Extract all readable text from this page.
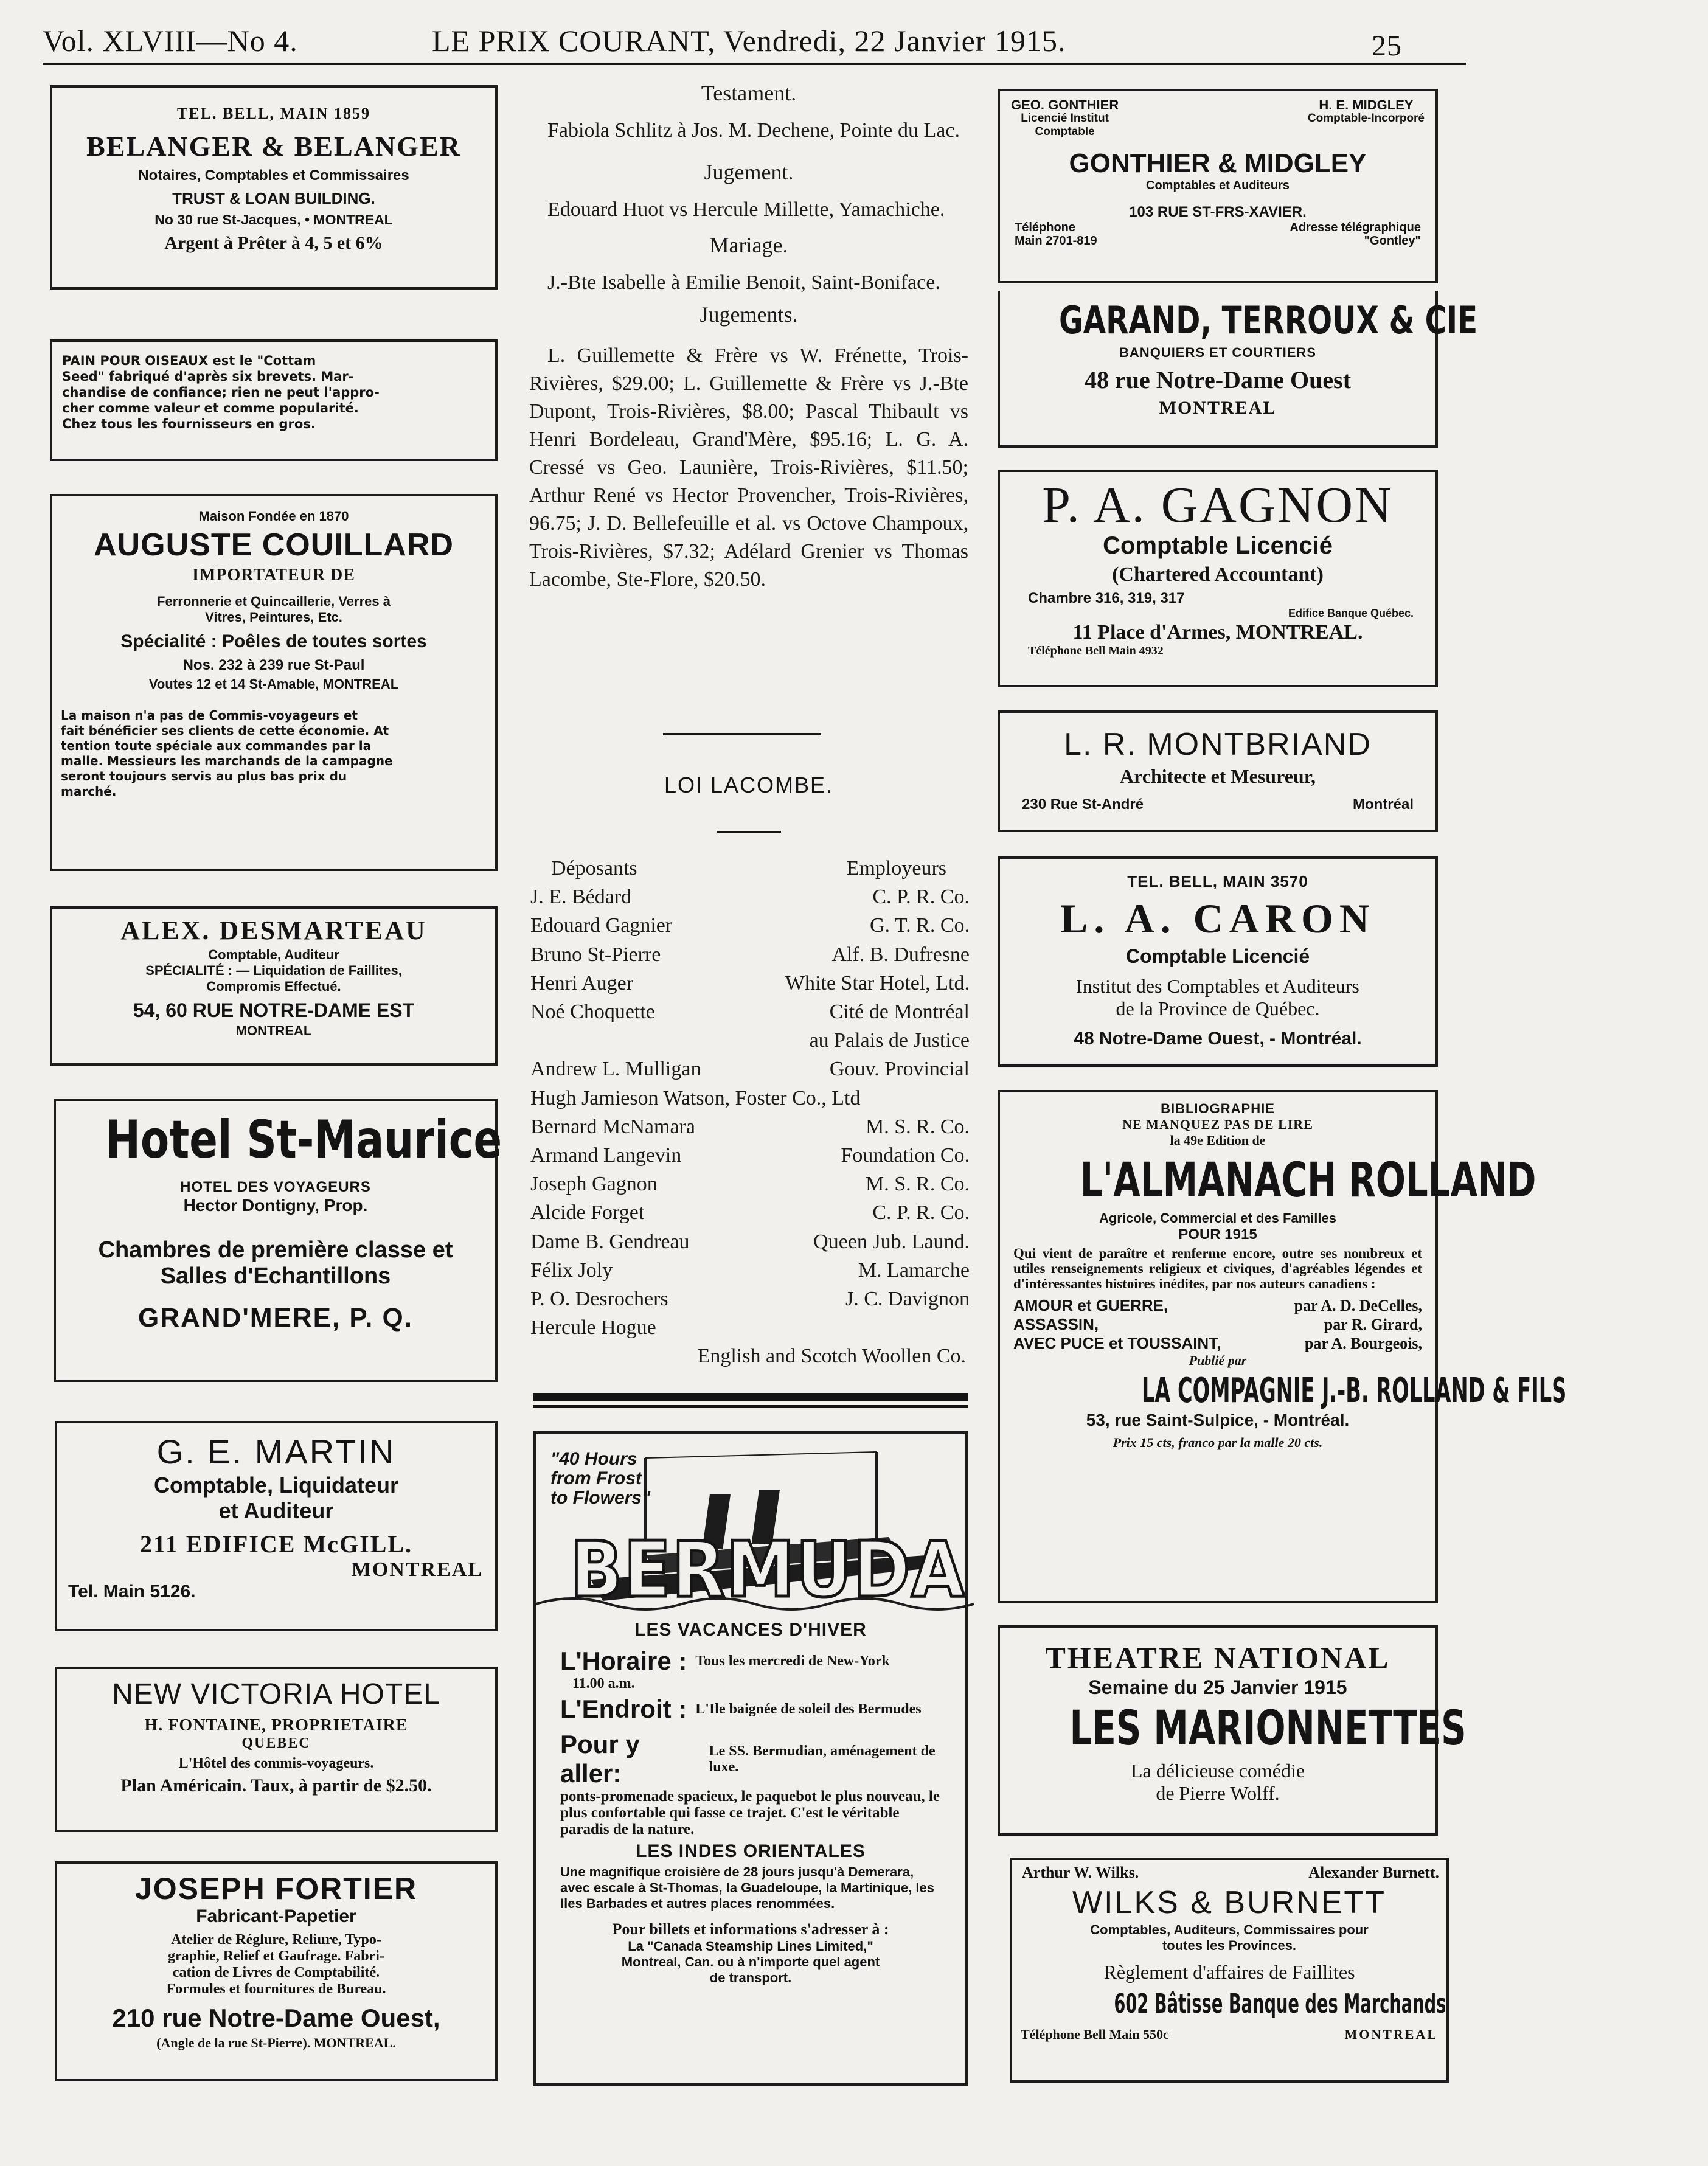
Vol. XLVIII—No 4.	LE PRIX COURANT, Vendredi, 22 Janvier 1915.	25
TEL. BELL, MAIN 1859
BELANGER & BELANGER
Notaires, Comptables et Commissaires
TRUST & LOAN BUILDING.
No 30 rue St-Jacques, • MONTREAL
Argent à Prêter à 4, 5 et 6%
PAIN POUR OISEAUX est le "Cottam
Seed" fabriqué d'après six brevets. Mar-
chandise de confiance; rien ne peut l'appro-
cher comme valeur et comme popularité.
Chez tous les fournisseurs en gros.
Maison Fondée en 1870
AUGUSTE COUILLARD
IMPORTATEUR DE
Ferronnerie et Quincaillerie, Verres à
Vitres, Peintures, Etc.
Spécialité : Poêles de toutes sortes
Nos. 232 à 239 rue St-Paul
Voutes 12 et 14 St-Amable, MONTREAL
La maison n'a pas de Commis-voyageurs et
fait bénéficier ses clients de cette économie. At
tention toute spéciale aux commandes par la
malle. Messieurs les marchands de la campagne
seront toujours servis au plus bas prix du
marché.
ALEX. DESMARTEAU
Comptable, Auditeur
SPÉCIALITÉ : — Liquidation de Faillites,
Compromis Effectué.
54, 60 RUE NOTRE-DAME EST
MONTREAL
Hotel St-Maurice
HOTEL DES VOYAGEURS
Hector Dontigny, Prop.
Chambres de première classe et
Salles d'Echantillons
GRAND'MERE, P. Q.
G. E. MARTIN
Comptable, Liquidateur
et Auditeur
211 EDIFICE McGILL.
MONTREAL
Tel. Main 5126.
NEW VICTORIA HOTEL
H. FONTAINE, PROPRIETAIRE
QUEBEC
L'Hôtel des commis-voyageurs.
Plan Américain. Taux, à partir de $2.50.
JOSEPH FORTIER
Fabricant-Papetier
Atelier de Réglure, Reliure, Typo-
graphie, Relief et Gaufrage. Fabri-
cation de Livres de Comptabilité.
Formules et fournitures de Bureau.
210 rue Notre-Dame Ouest,
(Angle de la rue St-Pierre). MONTREAL.
Testament.
Fabiola Schlitz à Jos. M. Dechene, Pointe du Lac.
Jugement.
Edouard Huot vs Hercule Millette, Yamachiche.
Mariage.
J.-Bte Isabelle à Emilie Benoit, Saint-Boniface.
Jugements.
L. Guillemette & Frère vs W. Frénette, Trois-Rivières, $29.00; L. Guillemette & Frère vs J.-Bte Dupont, Trois-Rivières, $8.00; Pascal Thibault vs Henri Bordeleau, Grand'Mère, $95.16; L. G. A. Cressé vs Geo. Launière, Trois-Rivières, $11.50; Arthur René vs Hector Provencher, Trois-Rivières, 96.75; J. D. Bellefeuille et al. vs Octove Champoux, Trois-Rivières, $7.32; Adélard Grenier vs Thomas Lacombe, Ste-Flore, $20.50.
LOI LACOMBE.
Déposants	Employeurs
J. E. Bédard	C. P. R. Co.
Edouard Gagnier	G. T. R. Co.
Bruno St-Pierre	Alf. B. Dufresne
Henri Auger	White Star Hotel, Ltd.
Noé Choquette	Cité de Montréal
au Palais de Justice
Andrew L. Mulligan	Gouv. Provincial
Hugh Jamieson Watson, Foster Co., Ltd
Bernard McNamara	M. S. R. Co.
Armand Langevin	Foundation Co.
Joseph Gagnon	M. S. R. Co.
Alcide Forget	C. P. R. Co.
Dame B. Gendreau	Queen Jub. Laund.
Félix Joly	M. Lamarche
P. O. Desrochers	J. C. Davignon
Hercule Hogue
English and Scotch Woollen Co.
"40 Hours
from Frost
to Flowers"
BERMUDA
LES VACANCES D'HIVER
L'Horaire : Tous les mercredi de New-York
11.00 a.m.
L'Endroit : L'Ile baignée de soleil des Bermudes
Pour y aller:
Le SS. Bermudian, aménagement de luxe.
ponts-promenade spacieux, le paquebot le plus nouveau, le plus confortable qui fasse ce trajet. C'est le véritable paradis de la nature.
LES INDES ORIENTALES
Une magnifique croisière de 28 jours jusqu'à Demerara, avec escale à St-Thomas, la Guadeloupe, la Martinique, les Iles Barbades et autres places renommées.
Pour billets et informations s'adresser à :
La "Canada Steamship Lines Limited,"
Montreal, Can. ou à n'importe quel agent
de transport.
GEO. GONTHIER
Licencié Institut
Comptable
H. E. MIDGLEY
Comptable-Incorporé
GONTHIER & MIDGLEY
Comptables et Auditeurs
103 RUE ST-FRS-XAVIER.
Téléphone
Main 2701-819
Adresse télégraphique
"Gontley"
GARAND, TERROUX & CIE
BANQUIERS ET COURTIERS
48 rue Notre-Dame Ouest
MONTREAL
P. A. GAGNON
Comptable Licencié
(Chartered Accountant)
Chambre 316, 319, 317
Edifice Banque Québec.
11 Place d'Armes, MONTREAL.
Téléphone Bell Main 4932
L. R. MONTBRIAND
Architecte et Mesureur,
230 Rue St-André	Montréal
TEL. BELL, MAIN 3570
L. A. CARON
Comptable Licencié
Institut des Comptables et Auditeurs
de la Province de Québec.
48 Notre-Dame Ouest, - Montréal.
BIBLIOGRAPHIE
NE MANQUEZ PAS DE LIRE
la 49e Edition de
L'ALMANACH ROLLAND
Agricole, Commercial et des Familles
POUR 1915
Qui vient de paraître et renferme encore, outre ses nombreux et utiles renseignements religieux et civiques, d'agréables légendes et d'intéressantes histoires inédites, par nos auteurs canadiens :
AMOUR et GUERRE,	par A. D. DeCelles,
ASSASSIN,	par R. Girard,
AVEC PUCE et TOUSSAINT,	par A. Bourgeois,
Publié par
LA COMPAGNIE J.-B. ROLLAND & FILS
53, rue Saint-Sulpice, - Montréal.
Prix 15 cts, franco par la malle 20 cts.
THEATRE NATIONAL
Semaine du 25 Janvier 1915
LES MARIONNETTES
La délicieuse comédie
de Pierre Wolff.
Arthur W. Wilks.	Alexander Burnett.
WILKS & BURNETT
Comptables, Auditeurs, Commissaires pour
toutes les Provinces.
Règlement d'affaires de Faillites
602 Bâtisse Banque des Marchands
Téléphone Bell Main 550c	MONTREAL
